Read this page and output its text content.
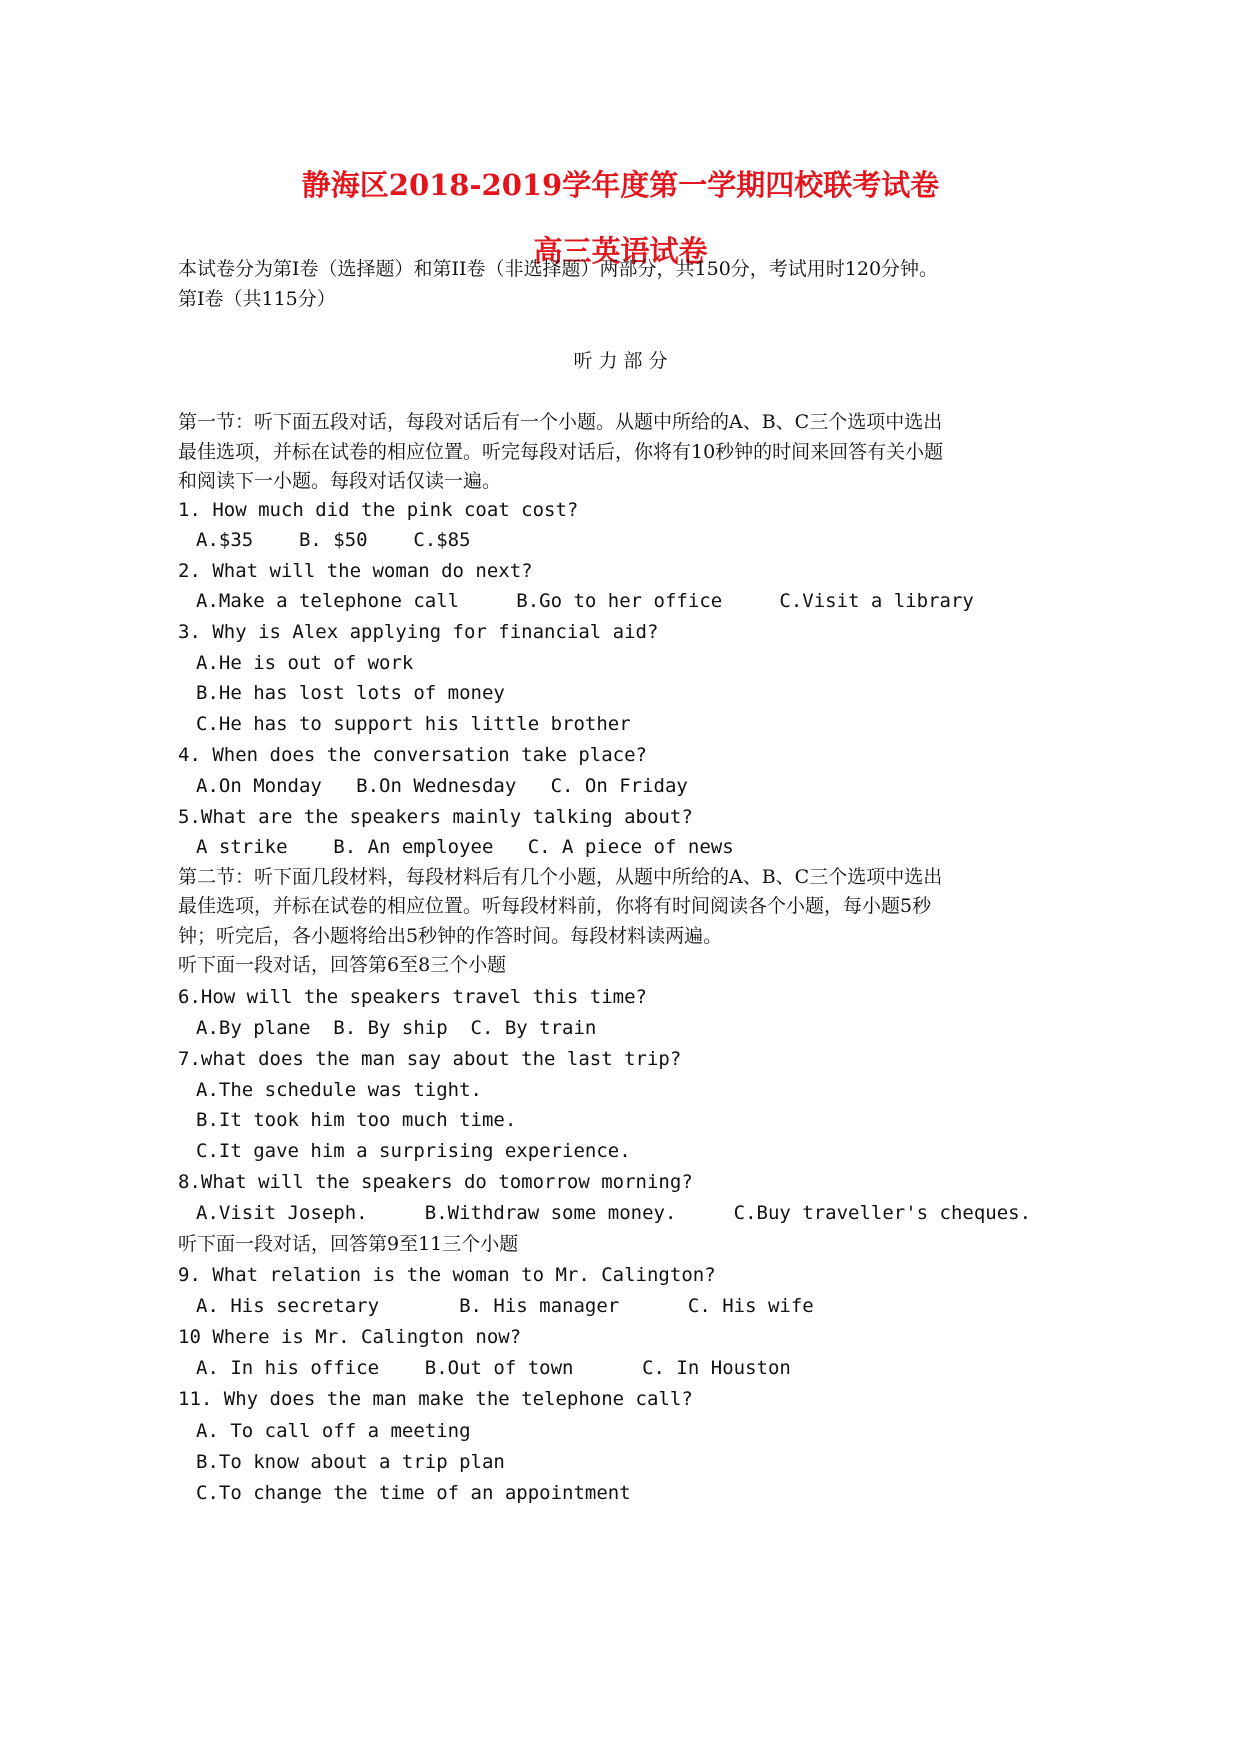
静海区2018-2019学年度第一学期四校联考试卷
高三英语试卷
本试卷分为第I卷（选择题）和第II卷（非选择题）两部分，共150分，考试用时120分钟。
第I卷（共115分）
听 力 部 分
第一节：听下面五段对话，每段对话后有一个小题。从题中所给的A、B、C三个选项中选出
最佳选项，并标在试卷的相应位置。听完每段对话后，你将有10秒钟的时间来回答有关小题
和阅读下一小题。每段对话仅读一遍。
1. How much did the pink coat cost?
A.$35    B. $50    C.$85
2. What will the woman do next?
A.Make a telephone call     B.Go to her office     C.Visit a library
3. Why is Alex applying for financial aid?
A.He is out of work
B.He has lost lots of money
C.He has to support his little brother
4. When does the conversation take place?
A.On Monday   B.On Wednesday   C. On Friday
5.What are the speakers mainly talking about?
A strike    B. An employee   C. A piece of news
第二节：听下面几段材料，每段材料后有几个小题，从题中所给的A、B、C三个选项中选出
最佳选项，并标在试卷的相应位置。听每段材料前，你将有时间阅读各个小题，每小题5秒
钟；听完后，各小题将给出5秒钟的作答时间。每段材料读两遍。
听下面一段对话，回答第6至8三个小题
6.How will the speakers travel this time?
A.By plane  B. By ship  C. By train
7.what does the man say about the last trip?
A.The schedule was tight.
B.It took him too much time.
C.It gave him a surprising experience.
8.What will the speakers do tomorrow morning?
A.Visit Joseph.     B.Withdraw some money.     C.Buy traveller's cheques.
听下面一段对话，回答第9至11三个小题
9. What relation is the woman to Mr. Calington?
A. His secretary       B. His manager      C. His wife
10 Where is Mr. Calington now?
A. In his office    B.Out of town      C. In Houston
11. Why does the man make the telephone call?
A. To call off a meeting
B.To know about a trip plan
C.To change the time of an appointment
